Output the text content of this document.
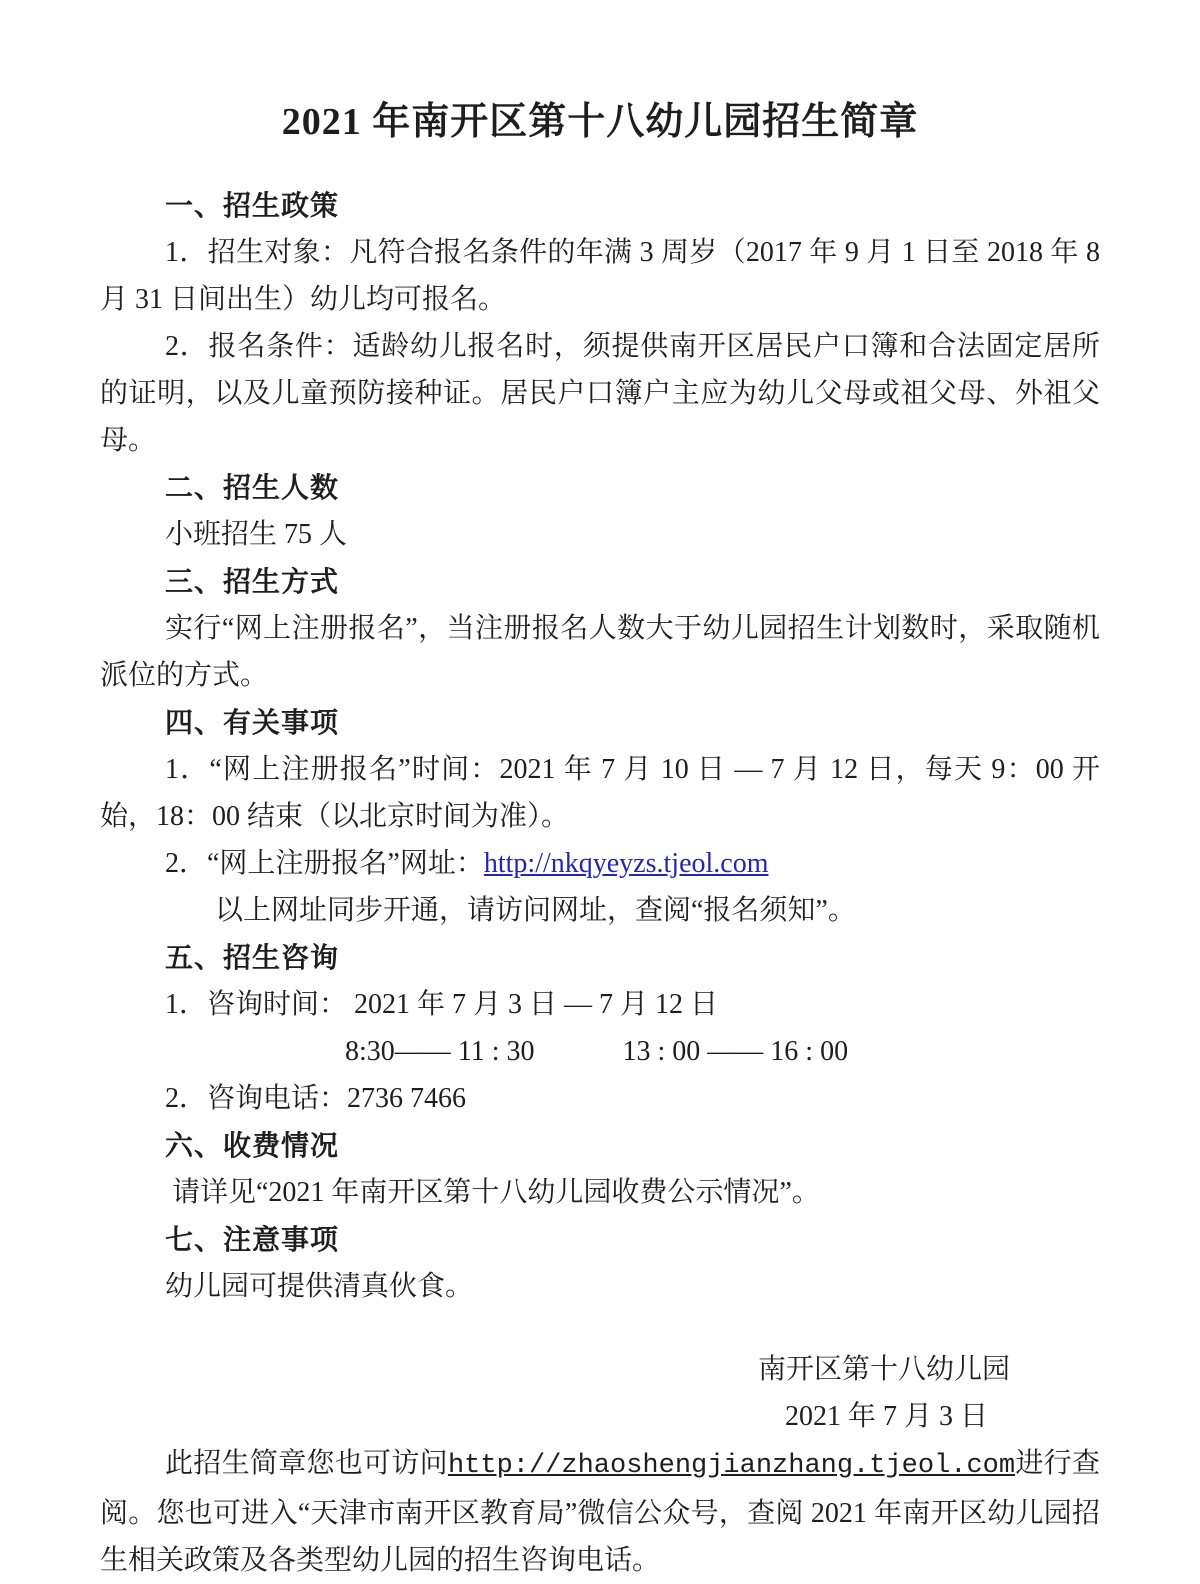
2021 年南开区第十八幼儿园招生简章
一、招生政策
1．招生对象：凡符合报名条件的年满 3 周岁（2017 年 9 月 1 日至 2018 年 8 月 31 日间出生）幼儿均可报名。
2．报名条件：适龄幼儿报名时，须提供南开区居民户口簿和合法固定居所的证明，以及儿童预防接种证。居民户口簿户主应为幼儿父母或祖父母、外祖父母。
二、招生人数
小班招生 75 人
三、招生方式
实行“网上注册报名”，当注册报名人数大于幼儿园招生计划数时，采取随机派位的方式。
四、有关事项
1．“网上注册报名”时间：2021 年 7 月 10 日 — 7 月 12 日，每天 9：00 开始，18：00 结束（以北京时间为准）。
2．“网上注册报名”网址：http://nkqyeyzs.tjeol.com
以上网址同步开通，请访问网址，查阅“报名须知”。
五、招生咨询
1．咨询时间： 2021 年 7 月 3 日 — 7 月 12 日
8:30—— 11 : 30	13 : 00 —— 16 : 00
2．咨询电话：2736 7466
六、收费情况
请详见“2021 年南开区第十八幼儿园收费公示情况”。
七、注意事项
幼儿园可提供清真伙食。
南开区第十八幼儿园
2021 年 7 月 3 日
此招生简章您也可访问http://zhaoshengjianzhang.tjeol.com进行查阅。您也可进入“天津市南开区教育局”微信公众号，查阅 2021 年南开区幼儿园招生相关政策及各类型幼儿园的招生咨询电话。
